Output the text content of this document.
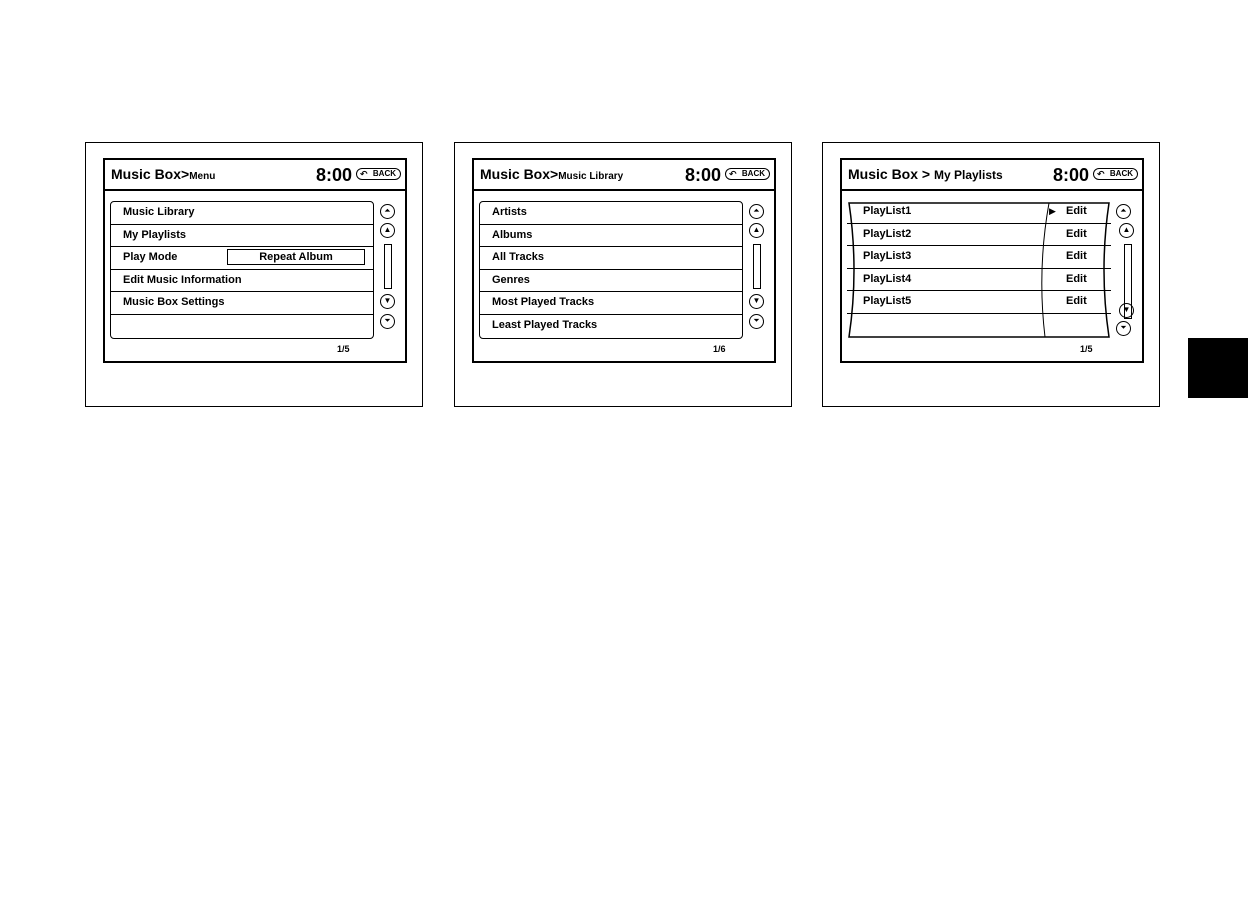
Music Box>Menu	8:00 ↶ BACK
Music Library
My Playlists
Play Mode	Repeat Album
Edit Music Information
Music Box Settings
⏶
▲
▼
⏷
1/5
Music Box>Music Library	8:00 ↶ BACK
Artists
Albums
All Tracks
Genres
Most Played Tracks
Least Played Tracks
⏶
▲
▼
⏷
1/6
Music Box > My Playlists	8:00 ↶ BACK
PlayList1	▶ Edit
PlayList2	Edit
PlayList3	Edit
PlayList4	Edit
PlayList5	Edit
⏶
▲
▼
⏷
1/5
